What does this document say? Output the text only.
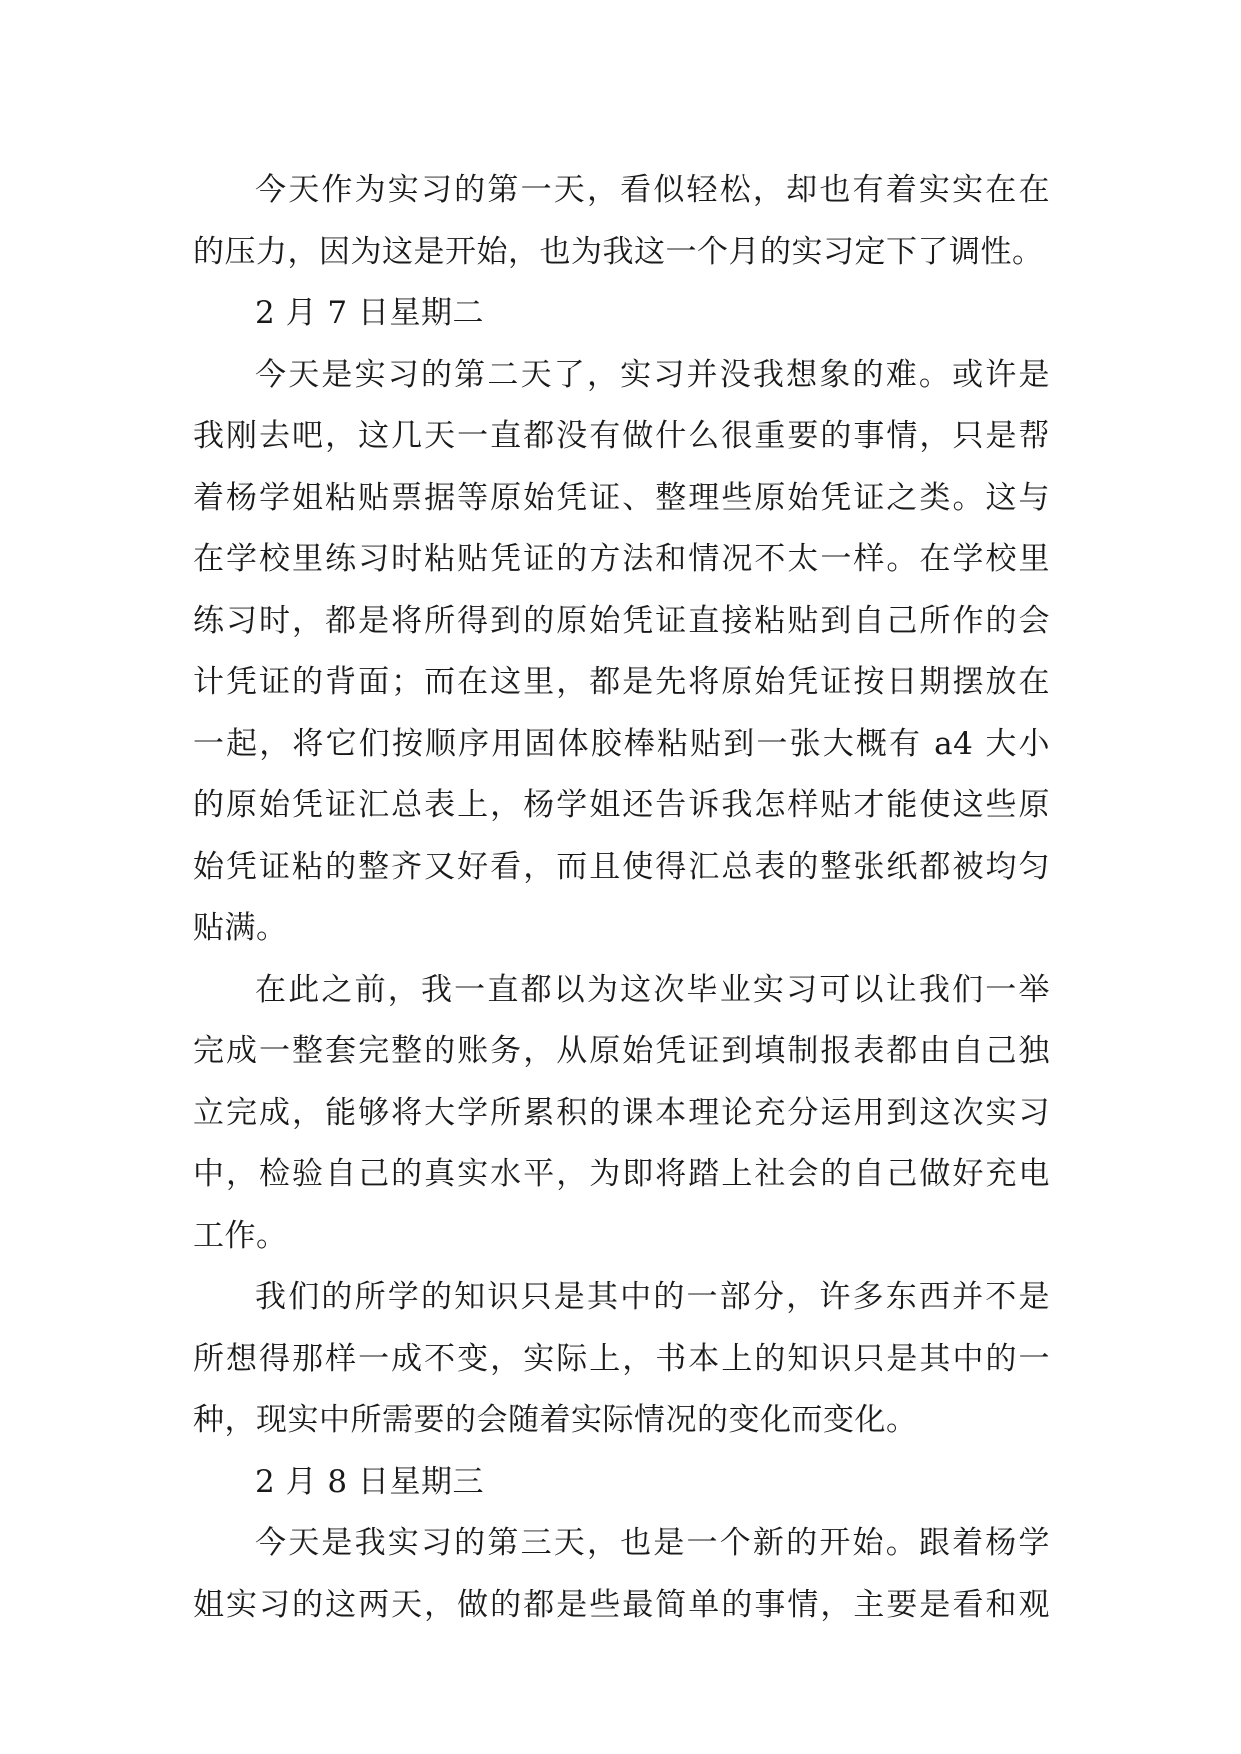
今天作为实习的第一天，看似轻松，却也有着实实在在
的压力，因为这是开始，也为我这一个月的实习定下了调性。
2 月 7 日星期二
今天是实习的第二天了，实习并没我想象的难。或许是
我刚去吧，这几天一直都没有做什么很重要的事情，只是帮
着杨学姐粘贴票据等原始凭证、整理些原始凭证之类。这与
在学校里练习时粘贴凭证的方法和情况不太一样。在学校里
练习时，都是将所得到的原始凭证直接粘贴到自己所作的会
计凭证的背面；而在这里，都是先将原始凭证按日期摆放在
一起，将它们按顺序用固体胶棒粘贴到一张大概有 a4 大小
的原始凭证汇总表上，杨学姐还告诉我怎样贴才能使这些原
始凭证粘的整齐又好看，而且使得汇总表的整张纸都被均匀
贴满。
在此之前，我一直都以为这次毕业实习可以让我们一举
完成一整套完整的账务，从原始凭证到填制报表都由自己独
立完成，能够将大学所累积的课本理论充分运用到这次实习
中，检验自己的真实水平，为即将踏上社会的自己做好充电
工作。
我们的所学的知识只是其中的一部分，许多东西并不是
所想得那样一成不变，实际上，书本上的知识只是其中的一
种，现实中所需要的会随着实际情况的变化而变化。
2 月 8 日星期三
今天是我实习的第三天，也是一个新的开始。跟着杨学
姐实习的这两天，做的都是些最简单的事情，主要是看和观
